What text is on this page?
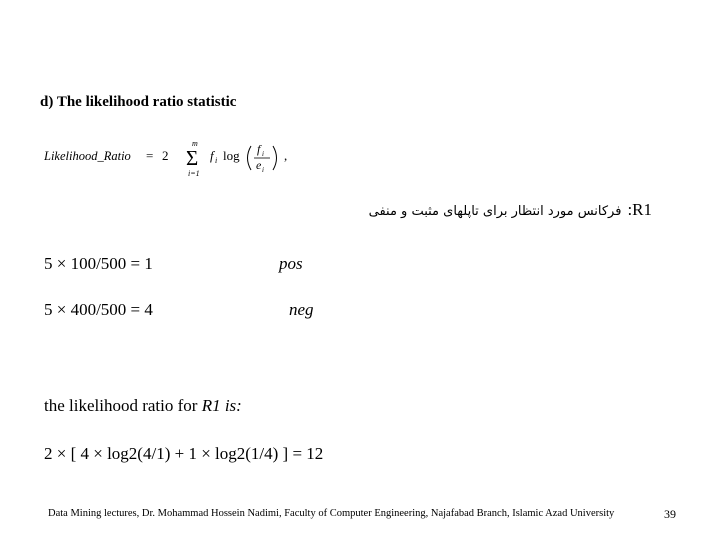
d) The likelihood ratio statistic
Likelihood_Ratio = 2
m
Σ
i=1
f i log f i
e i
,
فرکانس مورد انتظار برای تاپلهای مثبت و منفی :R1
5 × 100/500 = 1	pos
5 × 400/500 = 4	neg
the likelihood ratio for R1 is:
2 × [ 4 × log2(4/1) + 1 × log2(1/4) ] = 12
Data Mining lectures, Dr. Mohammad Hossein Nadimi, Faculty of Computer Engineering, Najafabad Branch, Islamic Azad University	39
